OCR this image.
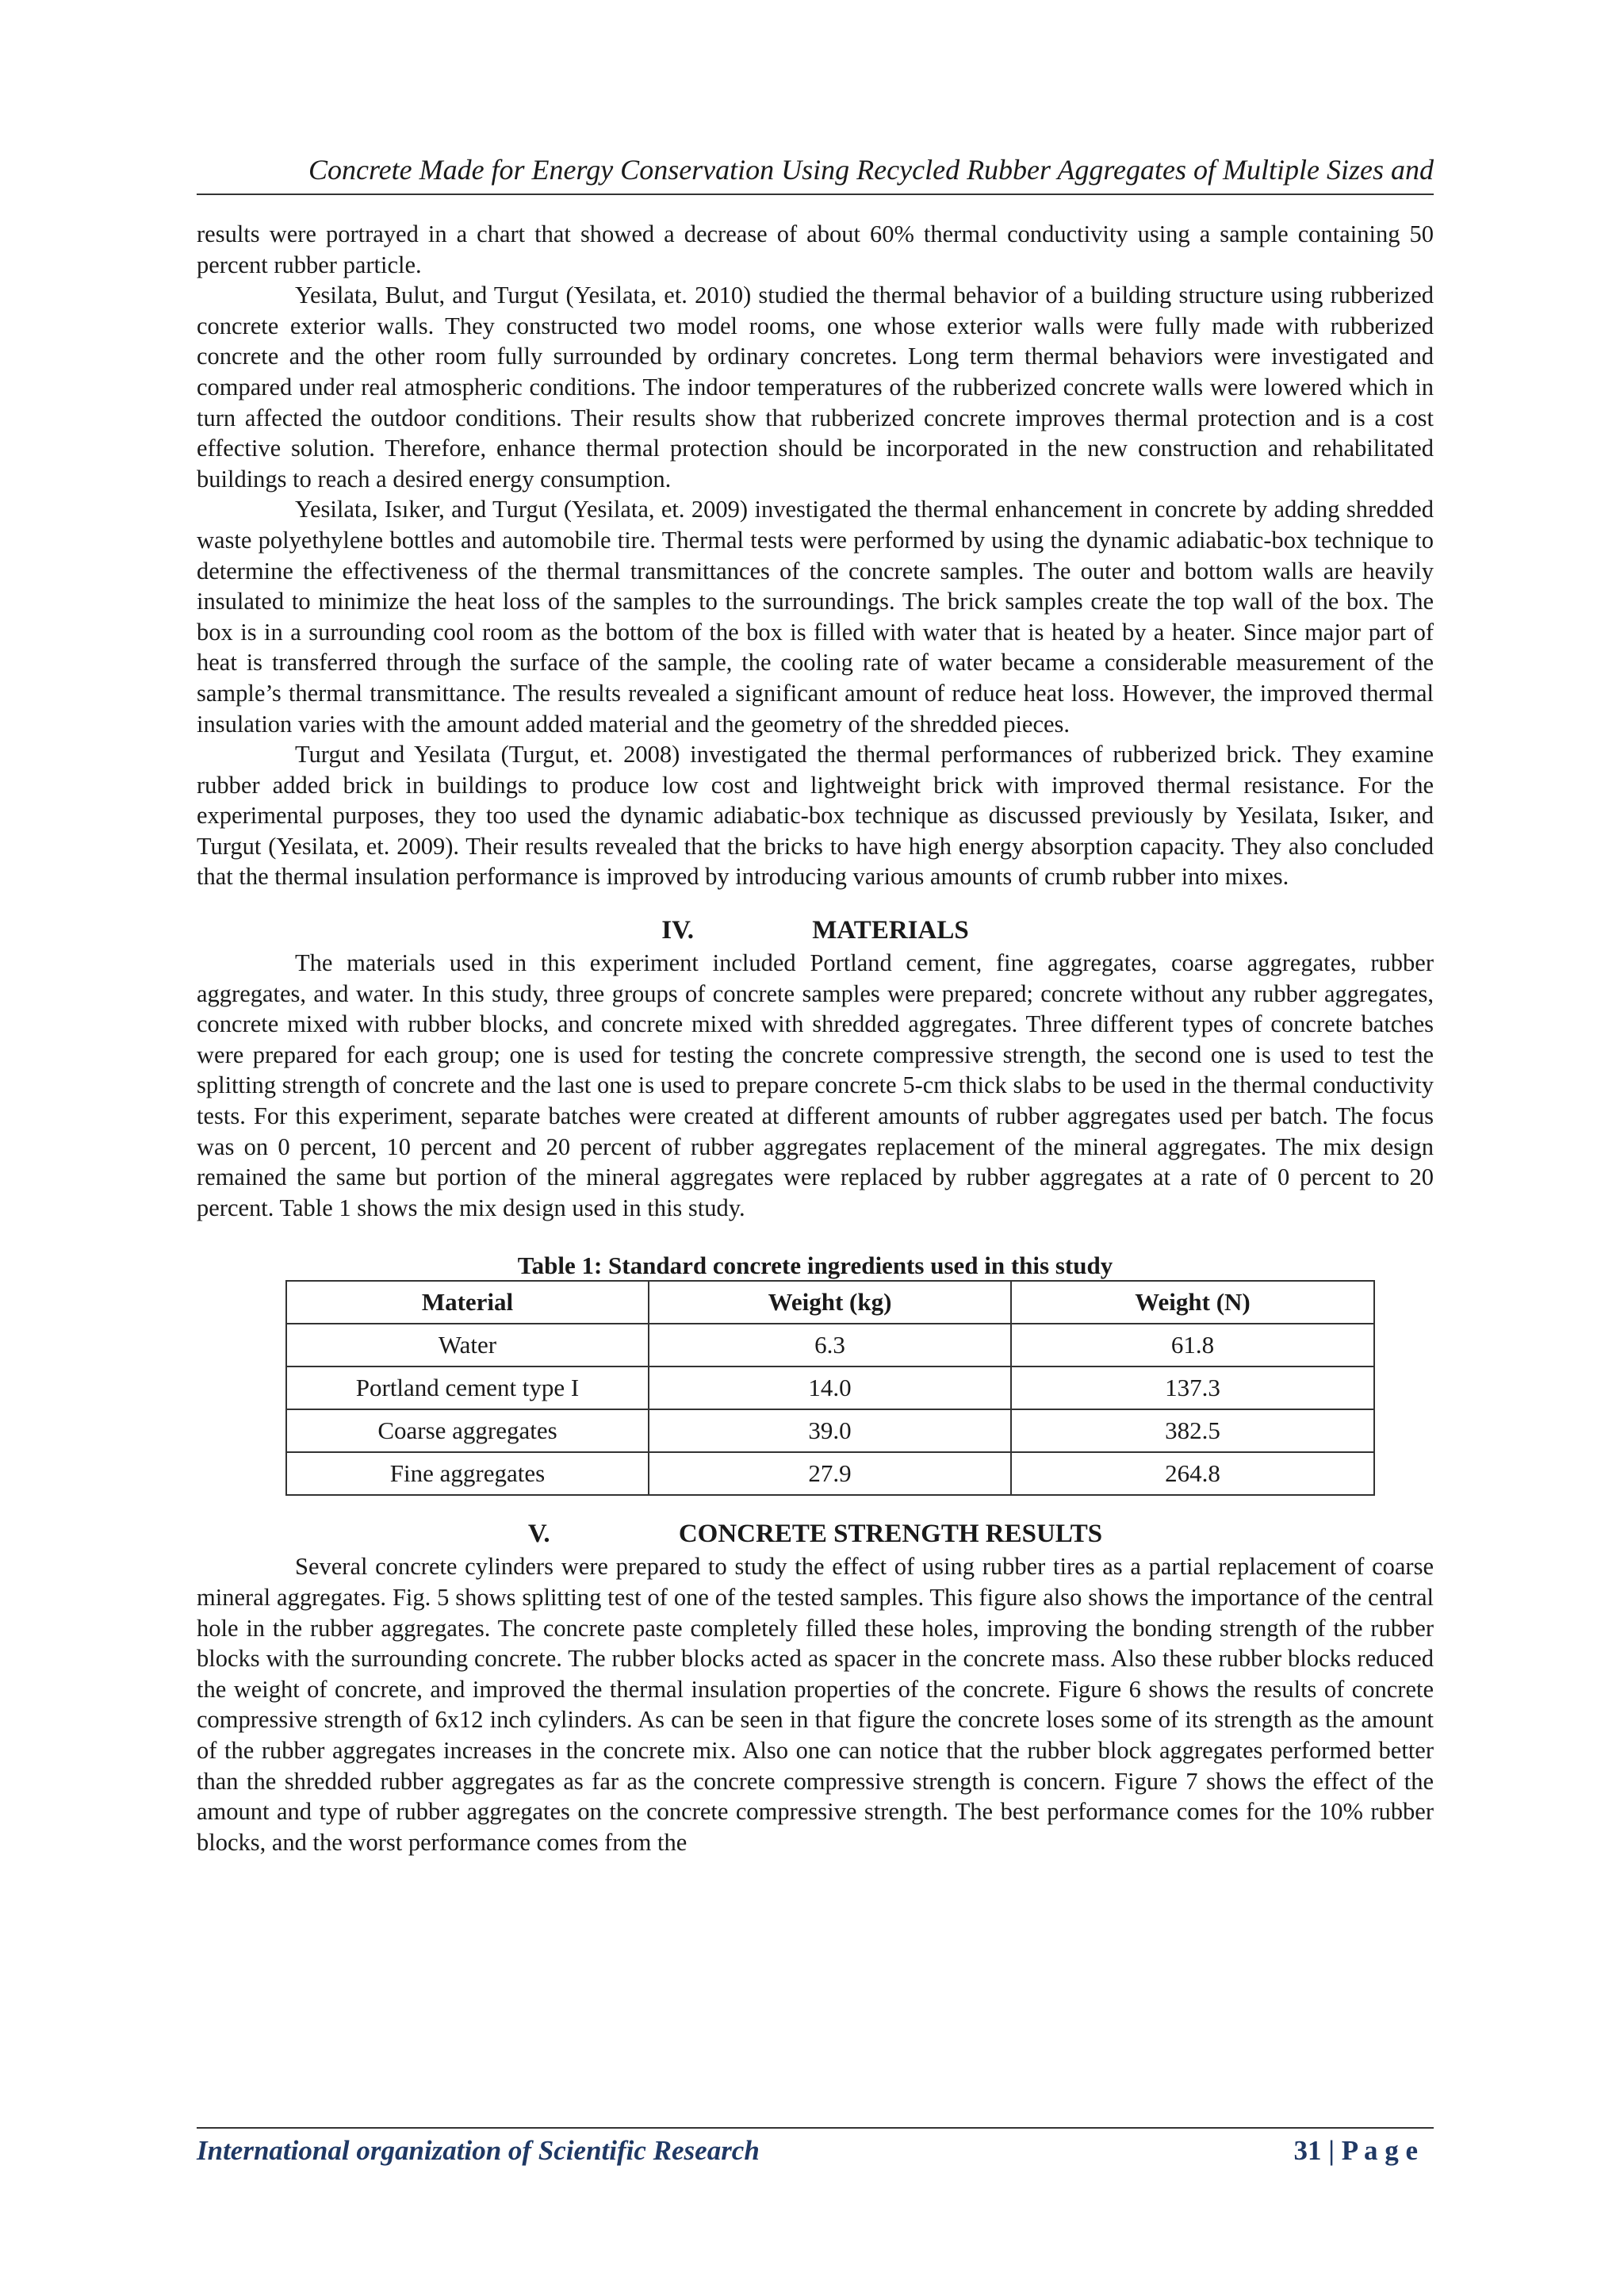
Concrete Made for Energy Conservation Using Recycled Rubber Aggregates of Multiple Sizes and

results were portrayed in a chart that showed a decrease of about 60% thermal conductivity using a sample containing 50 percent rubber particle.

Yesilata, Bulut, and Turgut (Yesilata, et. 2010) studied the thermal behavior of a building structure using rubberized concrete exterior walls. They constructed two model rooms, one whose exterior walls were fully made with rubberized concrete and the other room fully surrounded by ordinary concretes. Long term thermal behaviors were investigated and compared under real atmospheric conditions. The indoor temperatures of the rubberized concrete walls were lowered which in turn affected the outdoor conditions. Their results show that rubberized concrete improves thermal protection and is a cost effective solution. Therefore, enhance thermal protection should be incorporated in the new construction and rehabilitated buildings to reach a desired energy consumption.

Yesilata, Isıker, and Turgut (Yesilata, et. 2009) investigated the thermal enhancement in concrete by adding shredded waste polyethylene bottles and automobile tire. Thermal tests were performed by using the dynamic adiabatic-box technique to determine the effectiveness of the thermal transmittances of the concrete samples. The outer and bottom walls are heavily insulated to minimize the heat loss of the samples to the surroundings. The brick samples create the top wall of the box. The box is in a surrounding cool room as the bottom of the box is filled with water that is heated by a heater. Since major part of heat is transferred through the surface of the sample, the cooling rate of water became a considerable measurement of the sample’s thermal transmittance. The results revealed a significant amount of reduce heat loss. However, the improved thermal insulation varies with the amount added material and the geometry of the shredded pieces.

Turgut and Yesilata (Turgut, et. 2008) investigated the thermal performances of rubberized brick. They examine rubber added brick in buildings to produce low cost and lightweight brick with improved thermal resistance. For the experimental purposes, they too used the dynamic adiabatic-box technique as discussed previously by Yesilata, Isıker, and Turgut (Yesilata, et. 2009). Their results revealed that the bricks to have high energy absorption capacity. They also concluded that the thermal insulation performance is improved by introducing various amounts of crumb rubber into mixes.

IV.	MATERIALS

The materials used in this experiment included Portland cement, fine aggregates, coarse aggregates, rubber aggregates, and water. In this study, three groups of concrete samples were prepared; concrete without any rubber aggregates, concrete mixed with rubber blocks, and concrete mixed with shredded aggregates. Three different types of concrete batches were prepared for each group; one is used for testing the concrete compressive strength, the second one is used to test the splitting strength of concrete and the last one is used to prepare concrete 5-cm thick slabs to be used in the thermal conductivity tests. For this experiment, separate batches were created at different amounts of rubber aggregates used per batch. The focus was on 0 percent, 10 percent and 20 percent of rubber aggregates replacement of the mineral aggregates. The mix design remained the same but portion of the mineral aggregates were replaced by rubber aggregates at a rate of 0 percent to 20 percent. Table 1 shows the mix design used in this study.

Table 1: Standard concrete ingredients used in this study
Material	Weight (kg)	Weight (N)
Water	6.3	61.8
Portland cement type I	14.0	137.3
Coarse aggregates	39.0	382.5
Fine aggregates	27.9	264.8
V.	CONCRETE STRENGTH RESULTS

Several concrete cylinders were prepared to study the effect of using rubber tires as a partial replacement of coarse mineral aggregates. Fig. 5 shows splitting test of one of the tested samples. This figure also shows the importance of the central hole in the rubber aggregates. The concrete paste completely filled these holes, improving the bonding strength of the rubber blocks with the surrounding concrete. The rubber blocks acted as spacer in the concrete mass. Also these rubber blocks reduced the weight of concrete, and improved the thermal insulation properties of the concrete. Figure 6 shows the results of concrete compressive strength of 6x12 inch cylinders. As can be seen in that figure the concrete loses some of its strength as the amount of the rubber aggregates increases in the concrete mix. Also one can notice that the rubber block aggregates performed better than the shredded rubber aggregates as far as the concrete compressive strength is concern. Figure 7 shows the effect of the amount and type of rubber aggregates on the concrete compressive strength. The best performance comes for the 10% rubber blocks, and the worst performance comes from the

International organization of Scientific Research	31 | P a g e
